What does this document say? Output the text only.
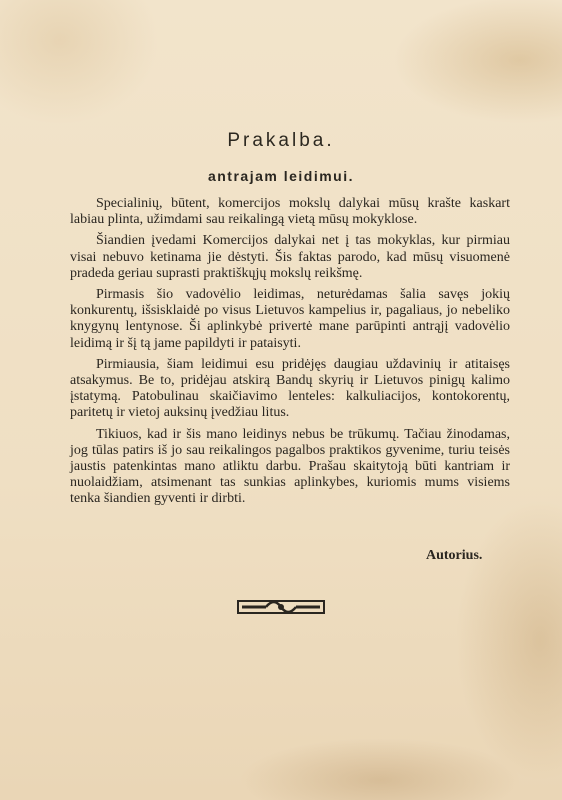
Prakalba.
antrajam leidimui.

Specialinių, būtent, komercijos mokslų dalykai mūsų krašte kaskart labiau plinta, užimdami sau reikalingą vietą mūsų mokyklose.

Šiandien įvedami Komercijos dalykai net į tas mokyklas, kur pirmiau visai nebuvo ketinama jie dėstyti. Šis faktas parodo, kad mūsų visuomenė pradeda geriau suprasti praktiškųjų mokslų reikšmę.

Pirmasis šio vadovėlio leidimas, neturėdamas šalia savęs jokių konkurentų, išsisklaidė po visus Lietuvos kampelius ir, pagaliaus, jo nebeliko knygynų lentynose. Ši aplinkybė privertė mane parūpinti antrąjį vadovėlio leidimą ir šį tą jame papildyti ir pataisyti.

Pirmiausia, šiam leidimui esu pridėjęs daugiau uždavinių ir atitaisęs atsakymus. Be to, pridėjau atskirą Bandų skyrių ir Lietuvos pinigų kalimo įstatymą. Patobulinau skaičiavimo lenteles: kalkuliacijos, kontokorentų, paritetų ir vietoj auksinų įvedžiau litus.

Tikiuos, kad ir šis mano leidinys nebus be trūkumų. Tačiau žinodamas, jog tūlas patirs iš jo sau reikalingos pagalbos praktikos gyvenime, turiu teisės jaustis patenkintas mano atliktu darbu. Prašau skaitytoją būti kantriam ir nuolaidžiam, atsimenant tas sunkias aplinkybes, kuriomis mums visiems tenka šiandien gyventi ir dirbti.

Autorius.
